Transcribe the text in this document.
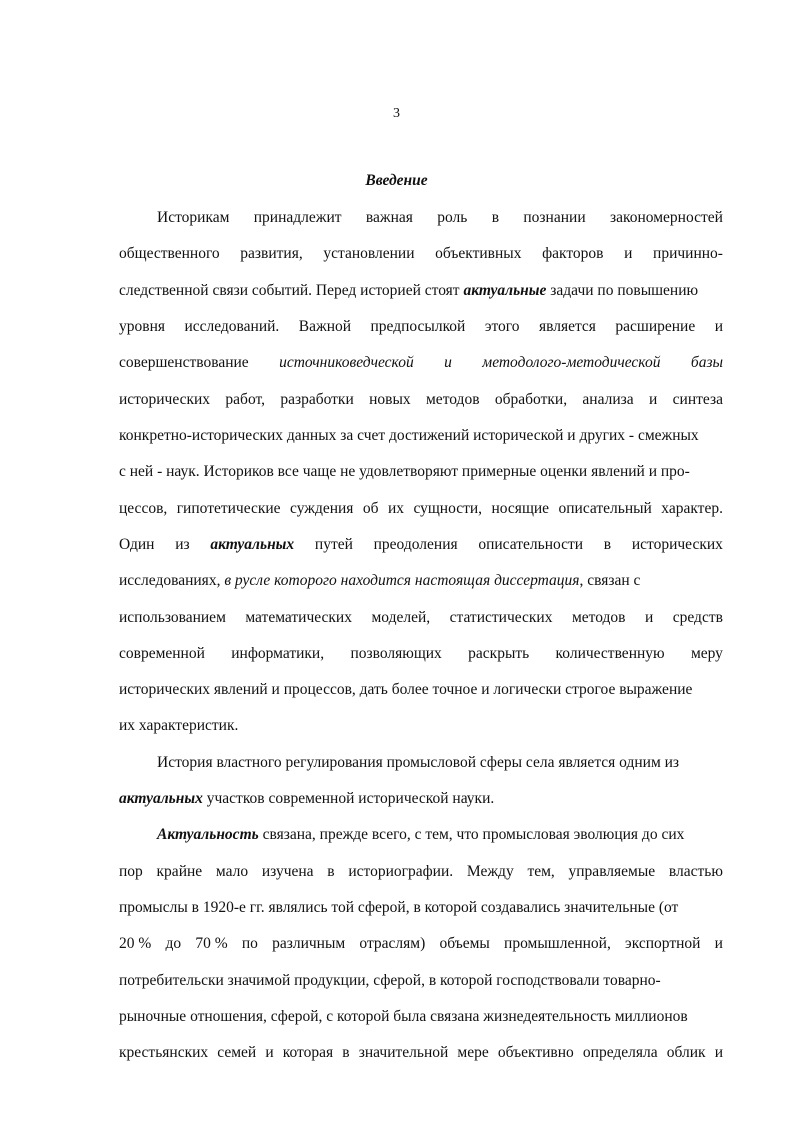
3
Введение
Историкам принадлежит важная роль в познании закономерностей
общественного развития, установлении объективных факторов и причинно-
следственной связи событий. Перед историей стоят актуальные задачи по повышению
уровня исследований. Важной предпосылкой этого является расширение и
совершенствование источниковедческой и методолого-методической базы
исторических работ, разработки новых методов обработки, анализа и синтеза
конкретно-исторических данных за счет достижений исторической и других - смежных
с ней - наук. Историков все чаще не удовлетворяют примерные оценки явлений и про-
цессов, гипотетические суждения об их сущности, носящие описательный характер.
Один из актуальных путей преодоления описательности в исторических
исследованиях, в русле которого находится настоящая диссертация, связан с
использованием математических моделей, статистических методов и средств
современной информатики, позволяющих раскрыть количественную меру
исторических явлений и процессов, дать более точное и логически строгое выражение
их характеристик.
История властного регулирования промысловой сферы села является одним из
актуальных участков современной исторической науки.
Актуальность связана, прежде всего, с тем, что промысловая эволюция до сих
пор крайне мало изучена в историографии. Между тем, управляемые властью
промыслы в 1920-е гг. являлись той сферой, в которой создавались значительные (от
20 % до 70 % по различным отраслям) объемы промышленной, экспортной и
потребительски значимой продукции, сферой, в которой господствовали товарно-
рыночные отношения, сферой, с которой была связана жизнедеятельность миллионов
крестьянских семей и которая в значительной мере объективно определяла облик и
